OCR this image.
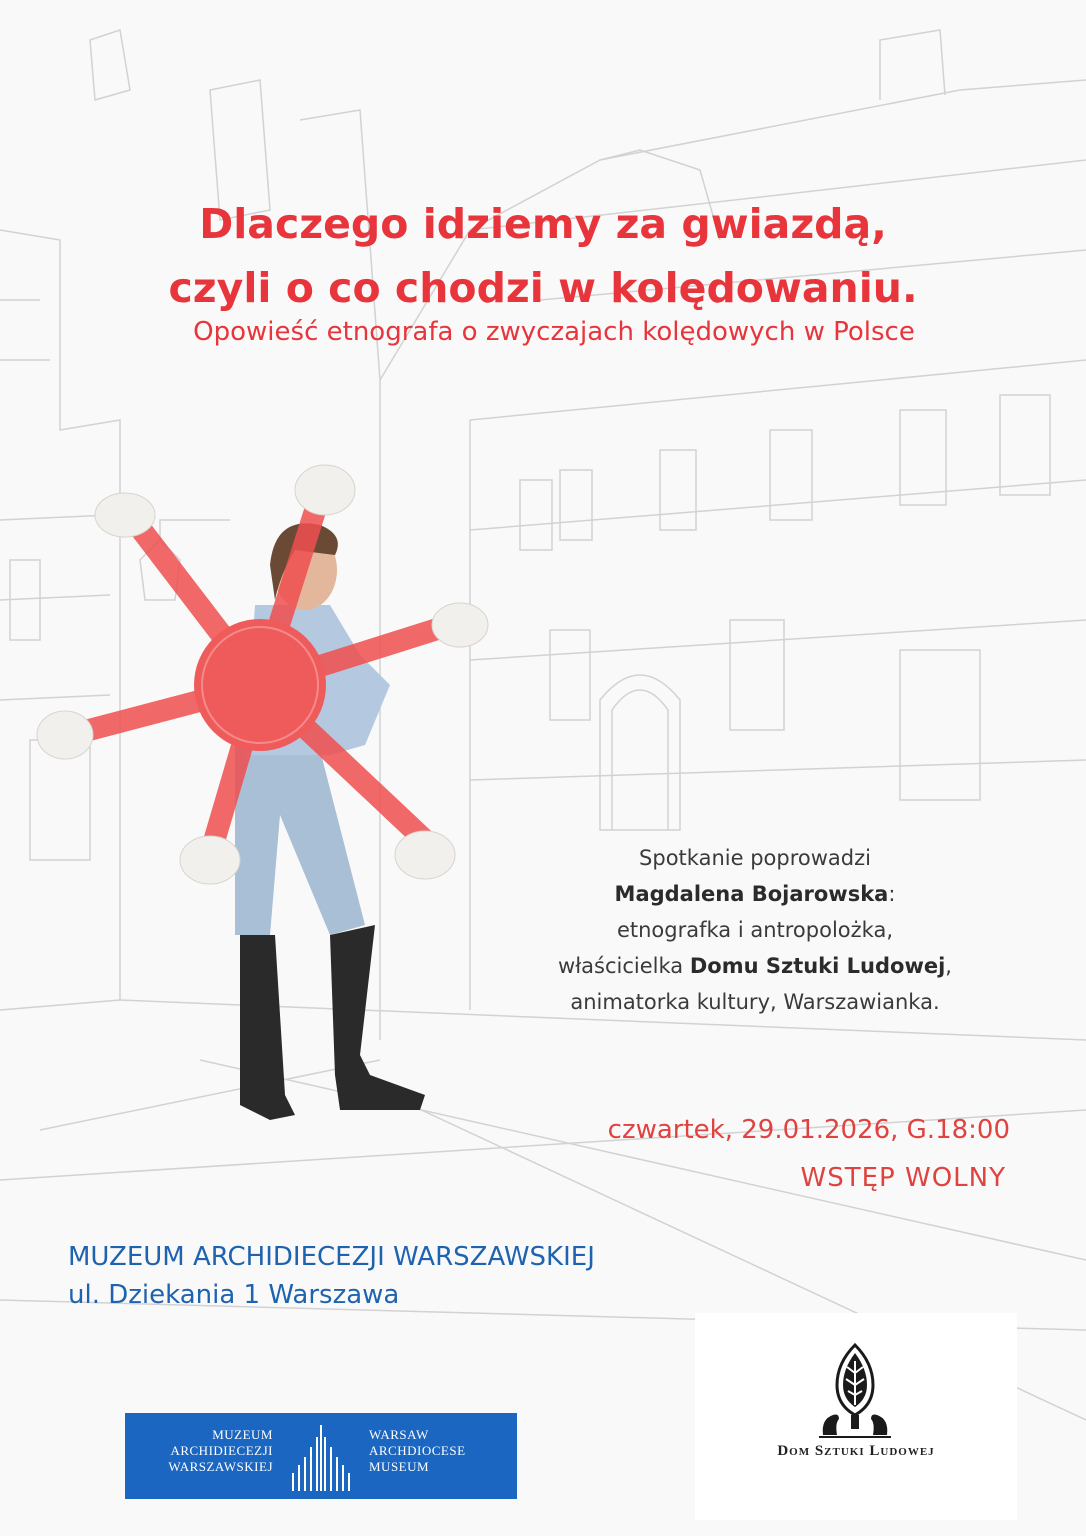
Dlaczego idziemy za gwiazdą,
czyli o co chodzi w kolędowaniu.
Opowieść etnografa o zwyczajach kolędowych w Polsce
Spotkanie poprowadzi
Magdalena Bojarowska:
etnografka i antropolożka,
właścicielka Domu Sztuki Ludowej,
animatorka kultury, Warszawianka.
czwartek, 29.01.2026, G.18:00
WSTĘP WOLNY
MUZEUM ARCHIDIECEZJI WARSZAWSKIEJ
ul. Dziekania 1 Warszawa
MUZEUM
ARCHIDIECEZJI
WARSZAWSKIEJ
WARSAW
ARCHDIOCESE
MUSEUM
Dom Sztuki Ludowej
